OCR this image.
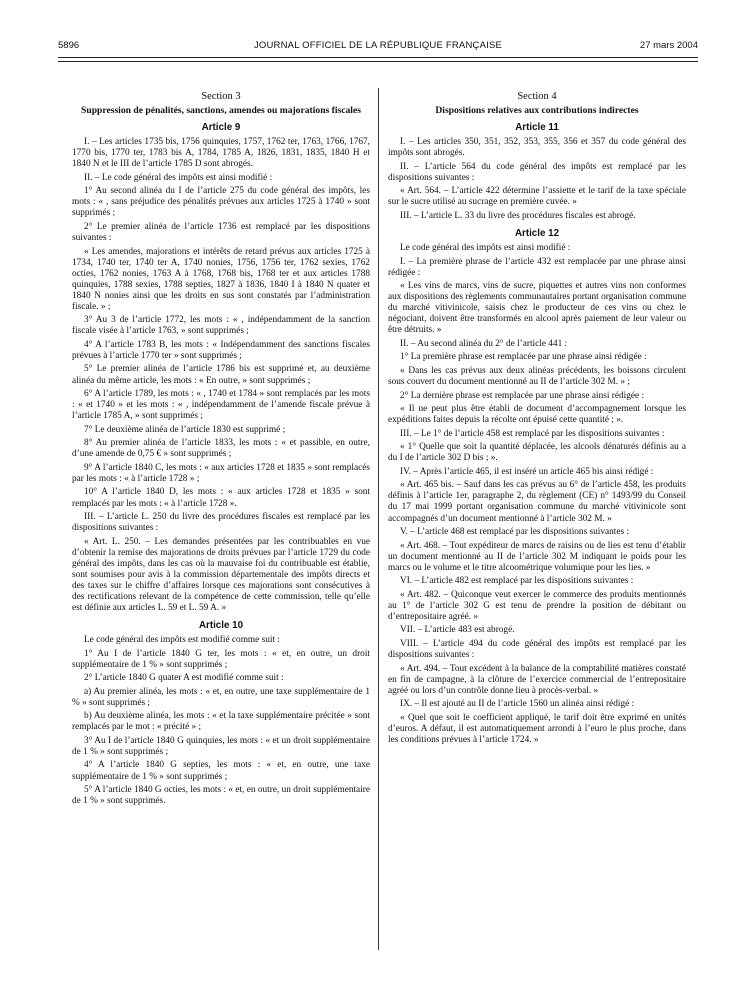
5896	JOURNAL OFFICIEL DE LA RÉPUBLIQUE FRANÇAISE	27 mars 2004
Section 3
Suppression de pénalités, sanctions, amendes ou majorations fiscales
Article 9

I. – Les articles 1735 bis, 1756 quinquies, 1757, 1762 ter, 1763, 1766, 1767, 1770 bis, 1770 ter, 1783 bis A, 1784, 1785 A, 1826, 1831, 1835, 1840 H et 1840 N et le III de l’article 1785 D sont abrogés.

II. – Le code général des impôts est ainsi modifié :

1° Au second alinéa du I de l’article 275 du code général des impôts, les mots : « , sans préjudice des pénalités prévues aux articles 1725 à 1740 » sont supprimés ;

2° Le premier alinéa de l’article 1736 est remplacé par les dispositions suivantes :

« Les amendes, majorations et intérêts de retard prévus aux articles 1725 à 1734, 1740 ter, 1740 ter A, 1740 nonies, 1756, 1756 ter, 1762 sexies, 1762 octies, 1762 nonies, 1763 A à 1768, 1768 bis, 1768 ter et aux articles 1788 quinquies, 1788 sexies, 1788 septies, 1827 à 1836, 1840 I à 1840 N quater et 1840 N nonies ainsi que les droits en sus sont constatés par l’administration fiscale. » ;

3° Au 3 de l’article 1772, les mots : « , indépendamment de la sanction fiscale visée à l’article 1763, » sont supprimés ;

4° A l’article 1783 B, les mots : « Indépendamment des sanctions fiscales prévues à l’article 1770 ter » sont supprimés ;

5° Le premier alinéa de l’article 1786 bis est supprimé et, au deuxième alinéa du même article, les mots : « En outre, » sont supprimés ;

6° A l’article 1789, les mots : « , 1740 et 1784 » sont remplacés par les mots : « et 1740 » et les mots : « , indépendamment de l’amende fiscale prévue à l’article 1785 A, » sont supprimés ;

7° Le deuxième alinéa de l’article 1830 est supprimé ;

8° Au premier alinéa de l’article 1833, les mots : « et passible, en outre, d’une amende de 0,75 € » sont supprimés ;

9° A l’article 1840 C, les mots : « aux articles 1728 et 1835 » sont remplacés par les mots : « à l’article 1728 » ;

10° A l’article 1840 D, les mots : « aux articles 1728 et 1835 » sont remplacés par les mots : « à l’article 1728 ».

III. – L’article L. 250 du livre des procédures fiscales est remplacé par les dispositions suivantes :

« Art. L. 250. – Les demandes présentées par les contribuables en vue d’obtenir la remise des majorations de droits prévues par l’article 1729 du code général des impôts, dans les cas où la mauvaise foi du contribuable est établie, sont soumises pour avis à la commission départementale des impôts directs et des taxes sur le chiffre d’affaires lorsque ces majorations sont consécutives à des rectifications relevant de la compétence de cette commission, telle qu’elle est définie aux articles L. 59 et L. 59 A. »

Article 10

Le code général des impôts est modifié comme suit :

1° Au I de l’article 1840 G ter, les mots : « et, en outre, un droit supplémentaire de 1 % » sont supprimés ;

2° L’article 1840 G quater A est modifié comme suit :

a) Au premier alinéa, les mots : « et, en outre, une taxe supplémentaire de 1 % » sont supprimés ;

b) Au deuxième alinéa, les mots : « et la taxe supplémentaire précitée » sont remplacés par le mot : « précité » ;

3° Au I de l’article 1840 G quinquies, les mots : « et un droit supplémentaire de 1 % » sont supprimés ;

4° A l’article 1840 G septies, les mots : « et, en outre, une taxe supplémentaire de 1 % » sont supprimés ;

5° A l’article 1840 G octies, les mots : « et, en outre, un droit supplémentaire de 1 % » sont supprimés.

Section 4
Dispositions relatives aux contributions indirectes
Article 11

I. – Les articles 350, 351, 352, 353, 355, 356 et 357 du code général des impôts sont abrogés.

II. – L’article 564 du code général des impôts est remplacé par les dispositions suivantes :

« Art. 564. – L’article 422 détermine l’assiette et le tarif de la taxe spéciale sur le sucre utilisé au sucrage en première cuvée. »

III. – L’article L. 33 du livre des procédures fiscales est abrogé.

Article 12

Le code général des impôts est ainsi modifié :

I. – La première phrase de l’article 432 est remplacée par une phrase ainsi rédigée :

« Les vins de marcs, vins de sucre, piquettes et autres vins non conformes aux dispositions des règlements communautaires portant organisation commune du marché vitivinicole, saisis chez le producteur de ces vins ou chez le négociant, doivent être transformés en alcool après paiement de leur valeur ou être détruits. »

II. – Au second alinéa du 2° de l’article 441 :

1° La première phrase est remplacée par une phrase ainsi rédigée :

« Dans les cas prévus aux deux alinéas précédents, les boissons circulent sous couvert du document mentionné au II de l’article 302 M. » ;

2° La dernière phrase est remplacée par une phrase ainsi rédigée :

« Il ne peut plus être établi de document d’accompagnement lorsque les expéditions faites depuis la récolte ont épuisé cette quantité ; ».

III. – Le 1° de l’article 458 est remplacé par les dispositions suivantes :

« 1° Quelle que soit la quantité déplacée, les alcools dénaturés définis au a du I de l’article 302 D bis ; ».

IV. – Après l’article 465, il est inséré un article 465 bis ainsi rédigé :

« Art. 465 bis. – Sauf dans les cas prévus au 6° de l’article 458, les produits définis à l’article 1er, paragraphe 2, du règlement (CE) n° 1493/99 du Conseil du 17 mai 1999 portant organisation commune du marché vitivinicole sont accompagnés d’un document mentionné à l’article 302 M. »

V. – L’article 468 est remplacé par les dispositions suivantes :

« Art. 468. – Tout expéditeur de marcs de raisins ou de lies est tenu d’établir un document mentionné au II de l’article 302 M indiquant le poids pour les marcs ou le volume et le titre alcoométrique volumique pour les lies. »

VI. – L’article 482 est remplacé par les dispositions suivantes :

« Art. 482. – Quiconque veut exercer le commerce des produits mentionnés au 1° de l’article 302 G est tenu de prendre la position de débitant ou d’entrepositaire agréé. »

VII. – L’article 483 est abrogé.

VIII. – L’article 494 du code général des impôts est remplacé par les dispositions suivantes :

« Art. 494. – Tout excédent à la balance de la comptabilité matières constaté en fin de campagne, à la clôture de l’exercice commercial de l’entrepositaire agréé ou lors d’un contrôle donne lieu à procès-verbal. »

IX. – Il est ajouté au II de l’article 1560 un alinéa ainsi rédigé :

« Quel que soit le coefficient appliqué, le tarif doit être exprimé en unités d’euros. A défaut, il est automatiquement arrondi à l’euro le plus proche, dans les conditions prévues à l’article 1724. »
